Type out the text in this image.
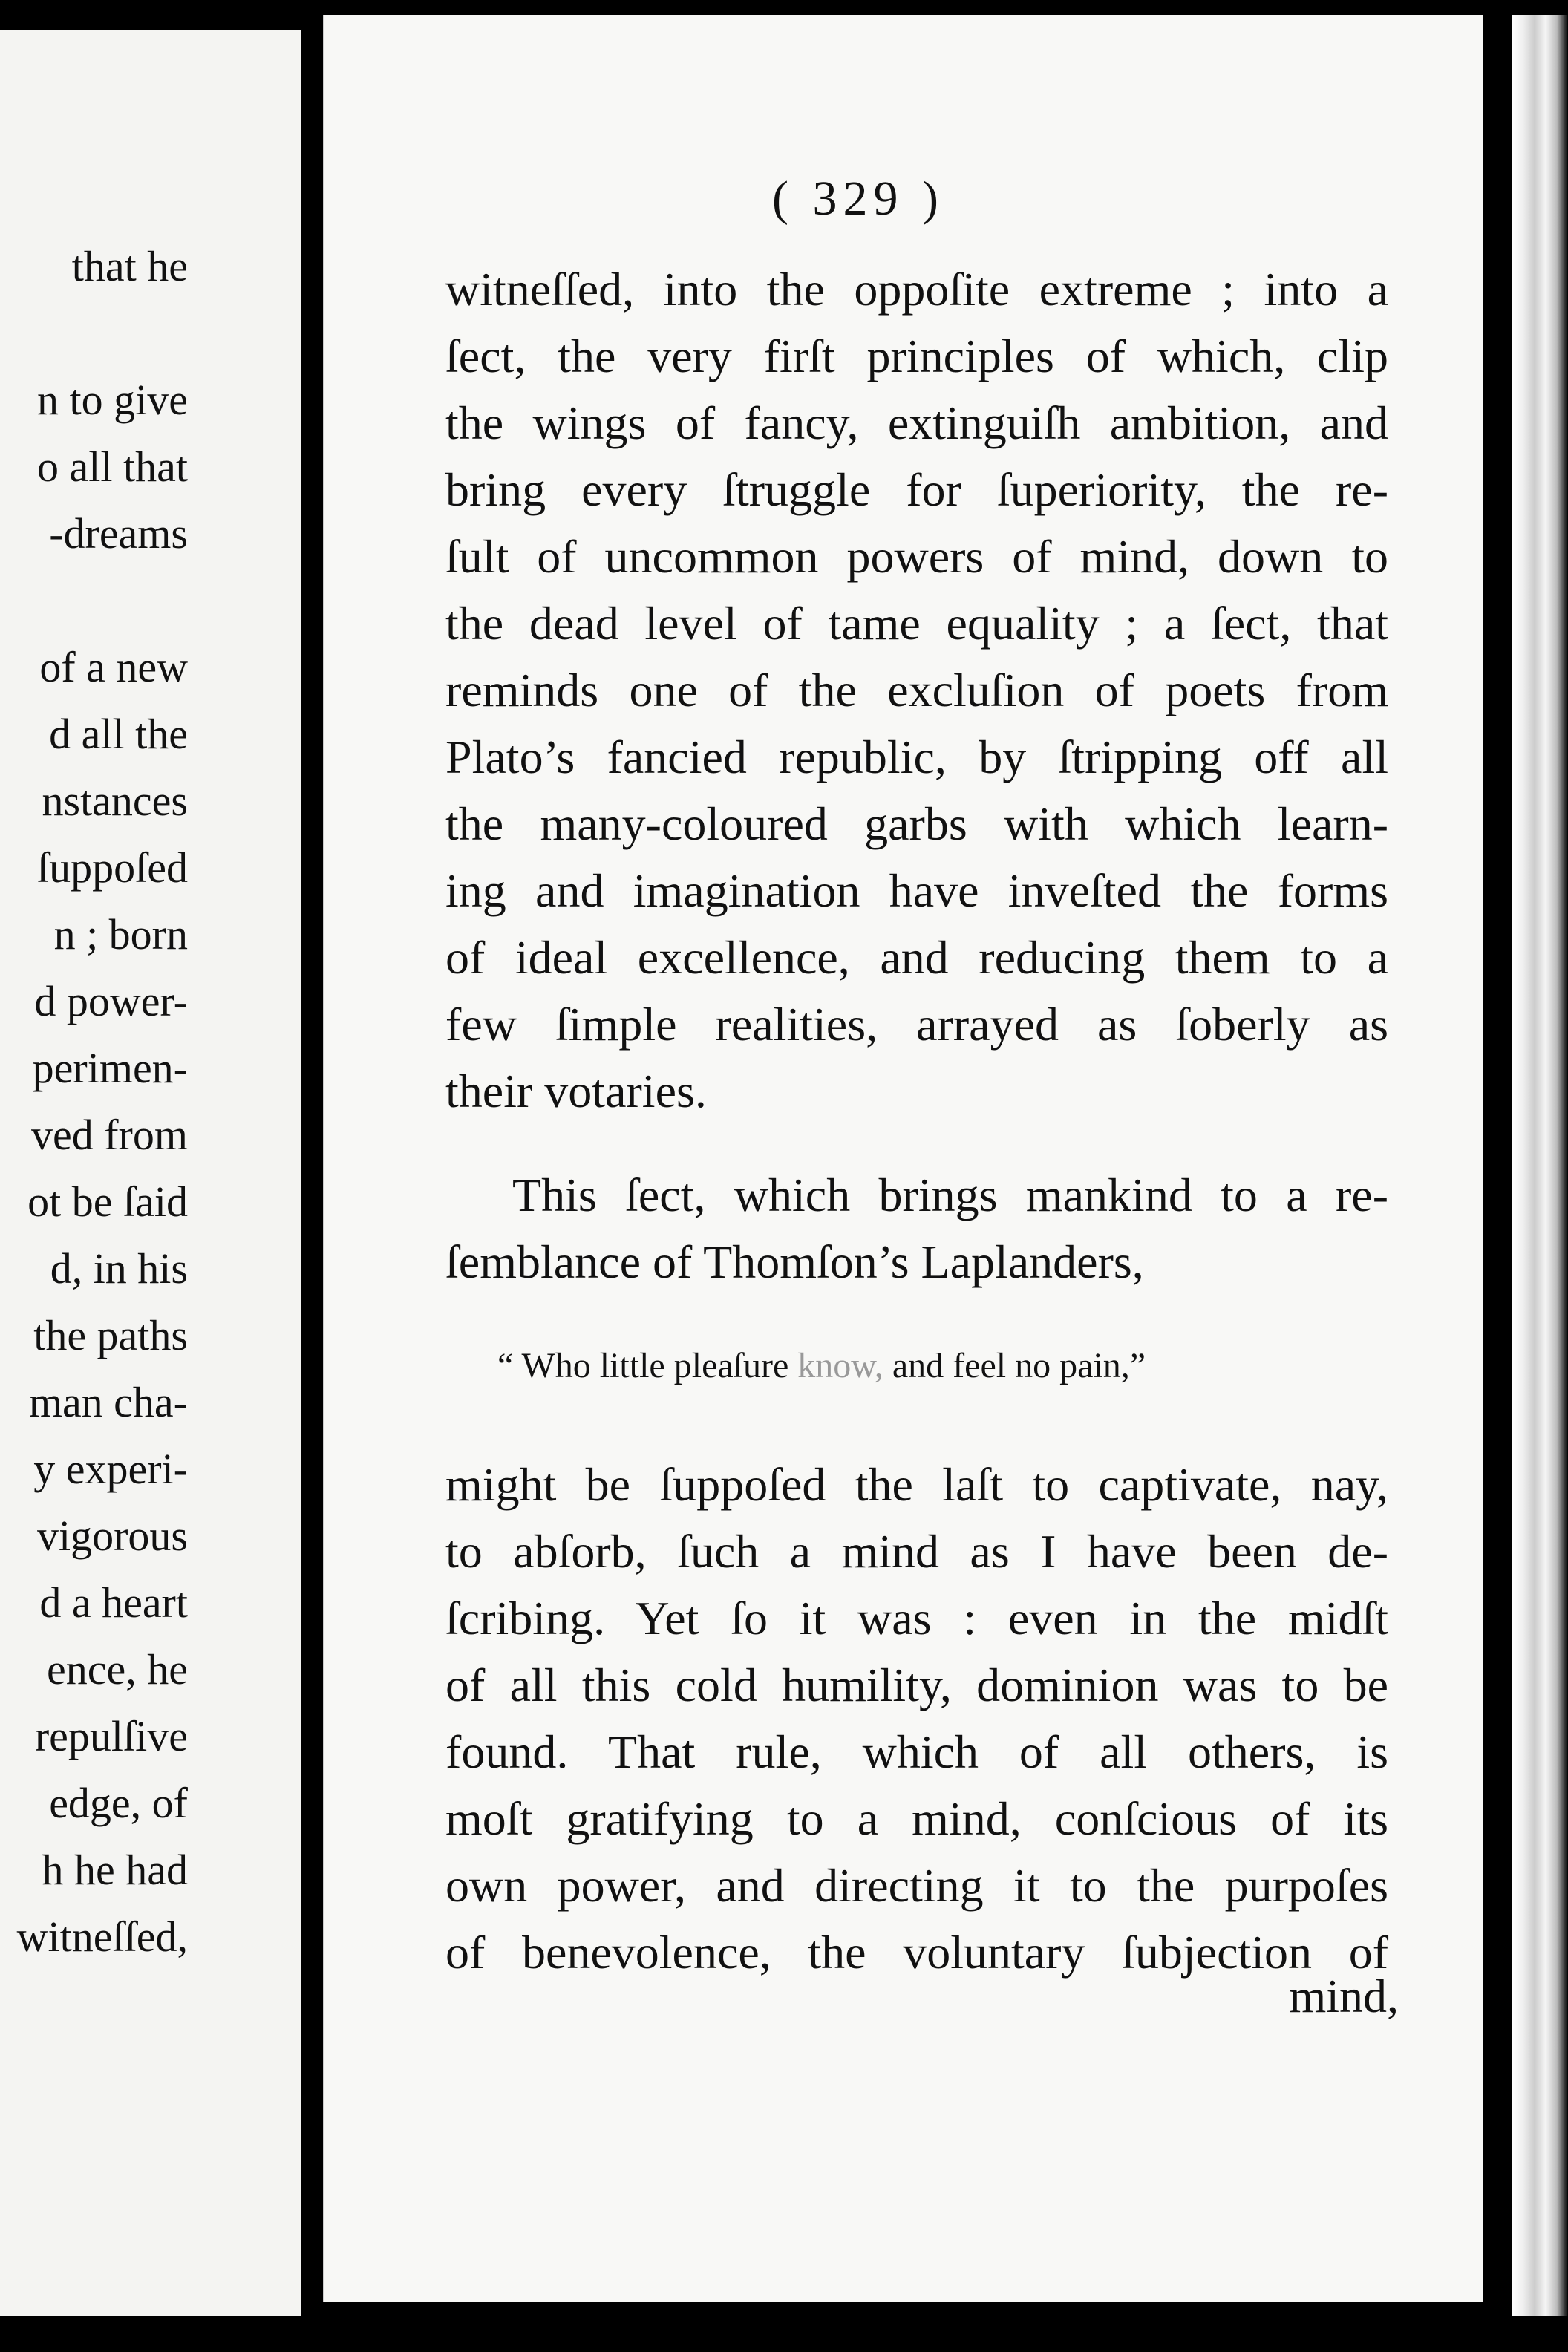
that he
n to give
o all that
-dreams
of a new
d all the
nstances
ſuppoſed
n ; born
d power-
perimen-
ved from
ot be ſaid
d, in his
the paths
man cha-
y experi-
vigorous
d a heart
ence, he
repulſive
edge, of
h he had
witneſſed,
( 329 )
witneſſed, into the oppoſite extreme ; into a
ſect, the very firſt principles of which, clip
the wings of fancy, extinguiſh ambition, and
bring every ſtruggle for ſuperiority, the re-
ſult of uncommon powers of mind, down to
the dead level of tame equality ; a ſect, that
reminds one of the excluſion of poets from
Plato’s fancied republic, by ſtripping off all
the many-coloured garbs with which learn-
ing and imagination have inveſted the forms
of ideal excellence, and reducing them to a
few ſimple realities, arrayed as ſoberly as
their votaries.
This ſect, which brings mankind to a re-
ſemblance of Thomſon’s Laplanders,
“ Who little pleaſure know, and feel no pain,”
might be ſuppoſed the laſt to captivate, nay,
to abſorb, ſuch a mind as I have been de-
ſcribing. Yet ſo it was : even in the midſt
of all this cold humility, dominion was to be
found. That rule, which of all others, is
moſt gratifying to a mind, conſcious of its
own power, and directing it to the purpoſes
of benevolence, the voluntary ſubjection of
mind,
